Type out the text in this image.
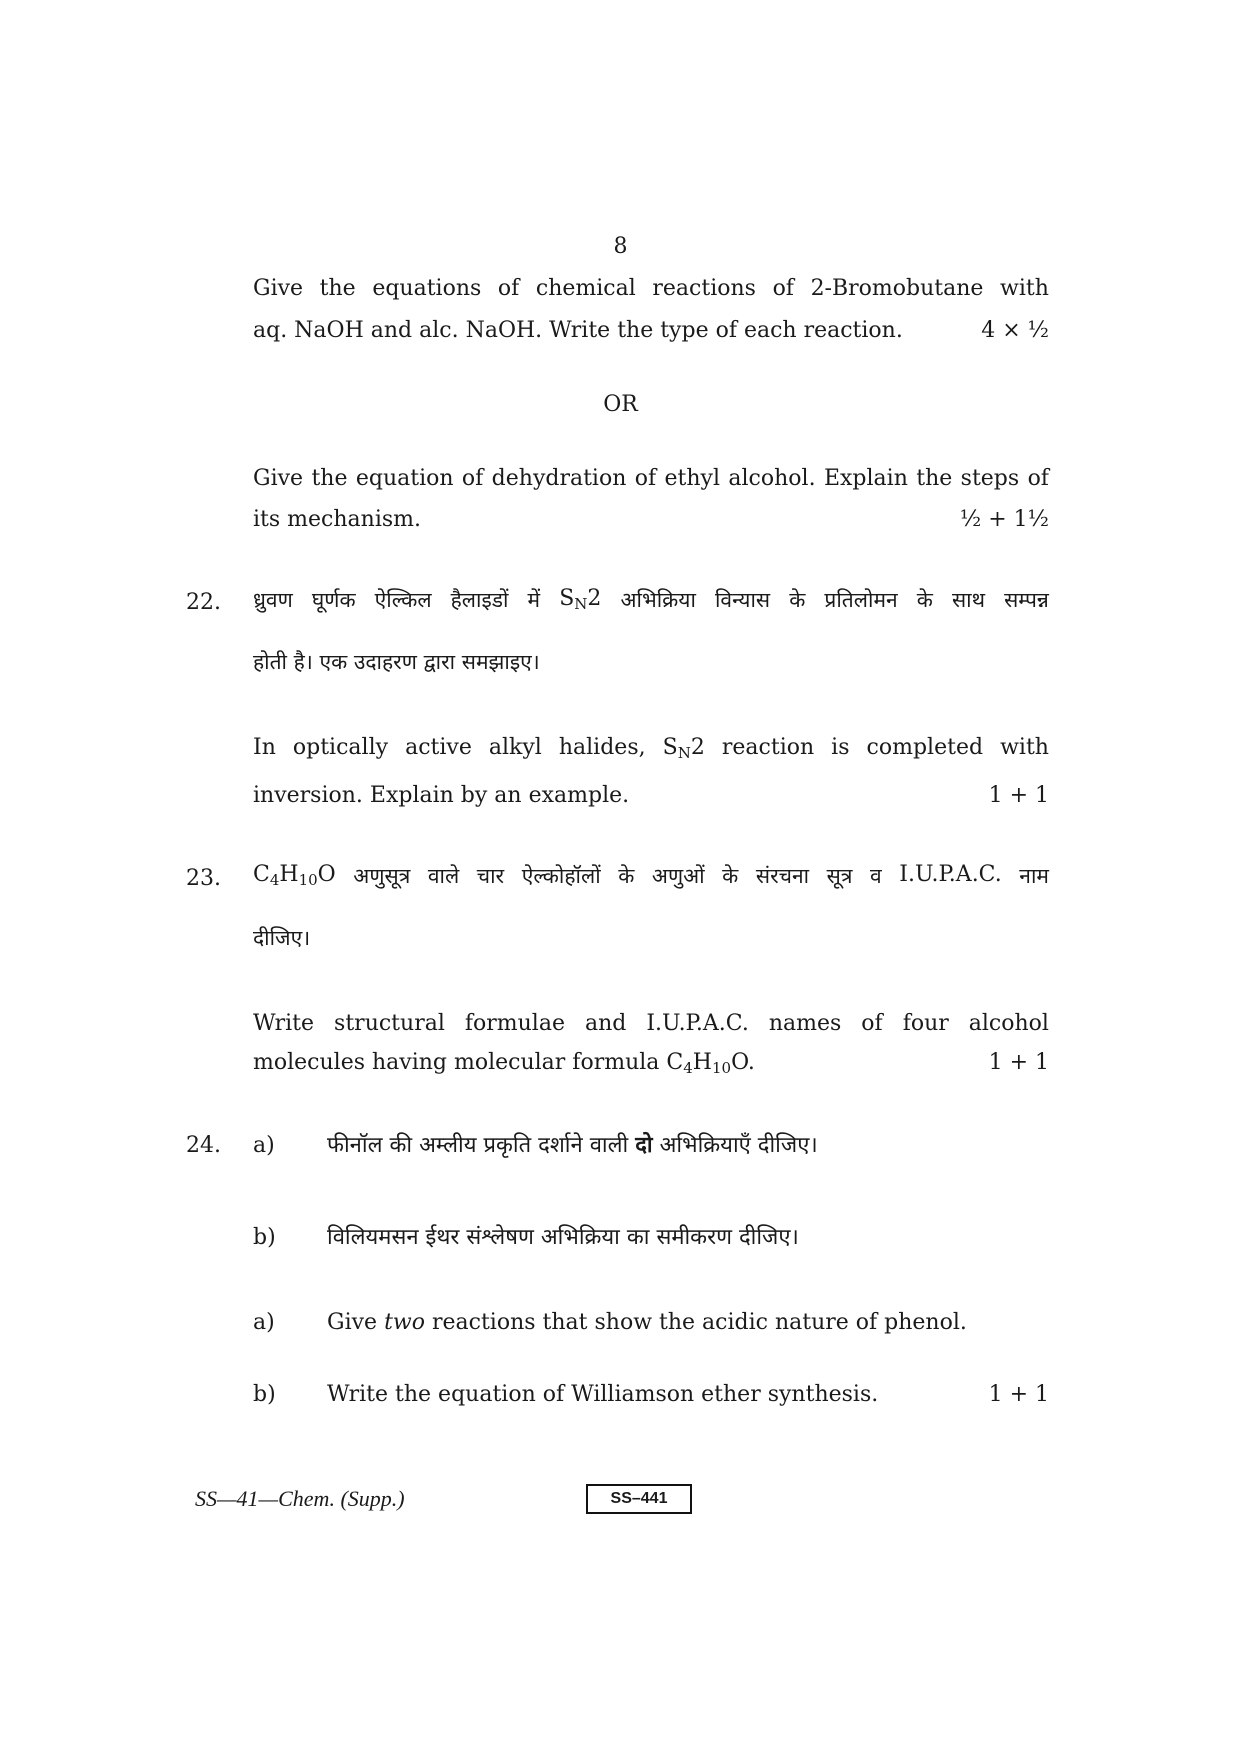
8
Give the equations of chemical reactions of 2-Bromobutane with
aq. NaOH and alc. NaOH. Write the type of each reaction.	4 × ½
OR
Give the equation of dehydration of ethyl alcohol. Explain the steps of
its mechanism.	½ + 1½
22. ध्रुवण घूर्णक ऐल्किल हैलाइडों में $S_N2$ अभिक्रिया विन्यास के प्रतिलोमन के साथ सम्पन्न
होती है। एक उदाहरण द्वारा समझाइए।
In optically active alkyl halides, $S_N2$ reaction is completed with
inversion. Explain by an example.	1 + 1
23. $C_4H_{10}O$ अणुसूत्र वाले चार ऐल्कोहॉलों के अणुओं के संरचना सूत्र व I.U.P.A.C. नाम
दीजिए।
Write structural formulae and I.U.P.A.C. names of four alcohol
molecules having molecular formula $C_4H_{10}O$.	1 + 1
24. a) फीनॉल की अम्लीय प्रकृति दर्शाने वाली दो अभिक्रियाएँ दीजिए।
b) विलियमसन ईथर संश्लेषण अभिक्रिया का समीकरण दीजिए।
a) Give two reactions that show the acidic nature of phenol.
b) Write the equation of Williamson ether synthesis.	1 + 1
SS—41—Chem. (Supp.)	SS–441
